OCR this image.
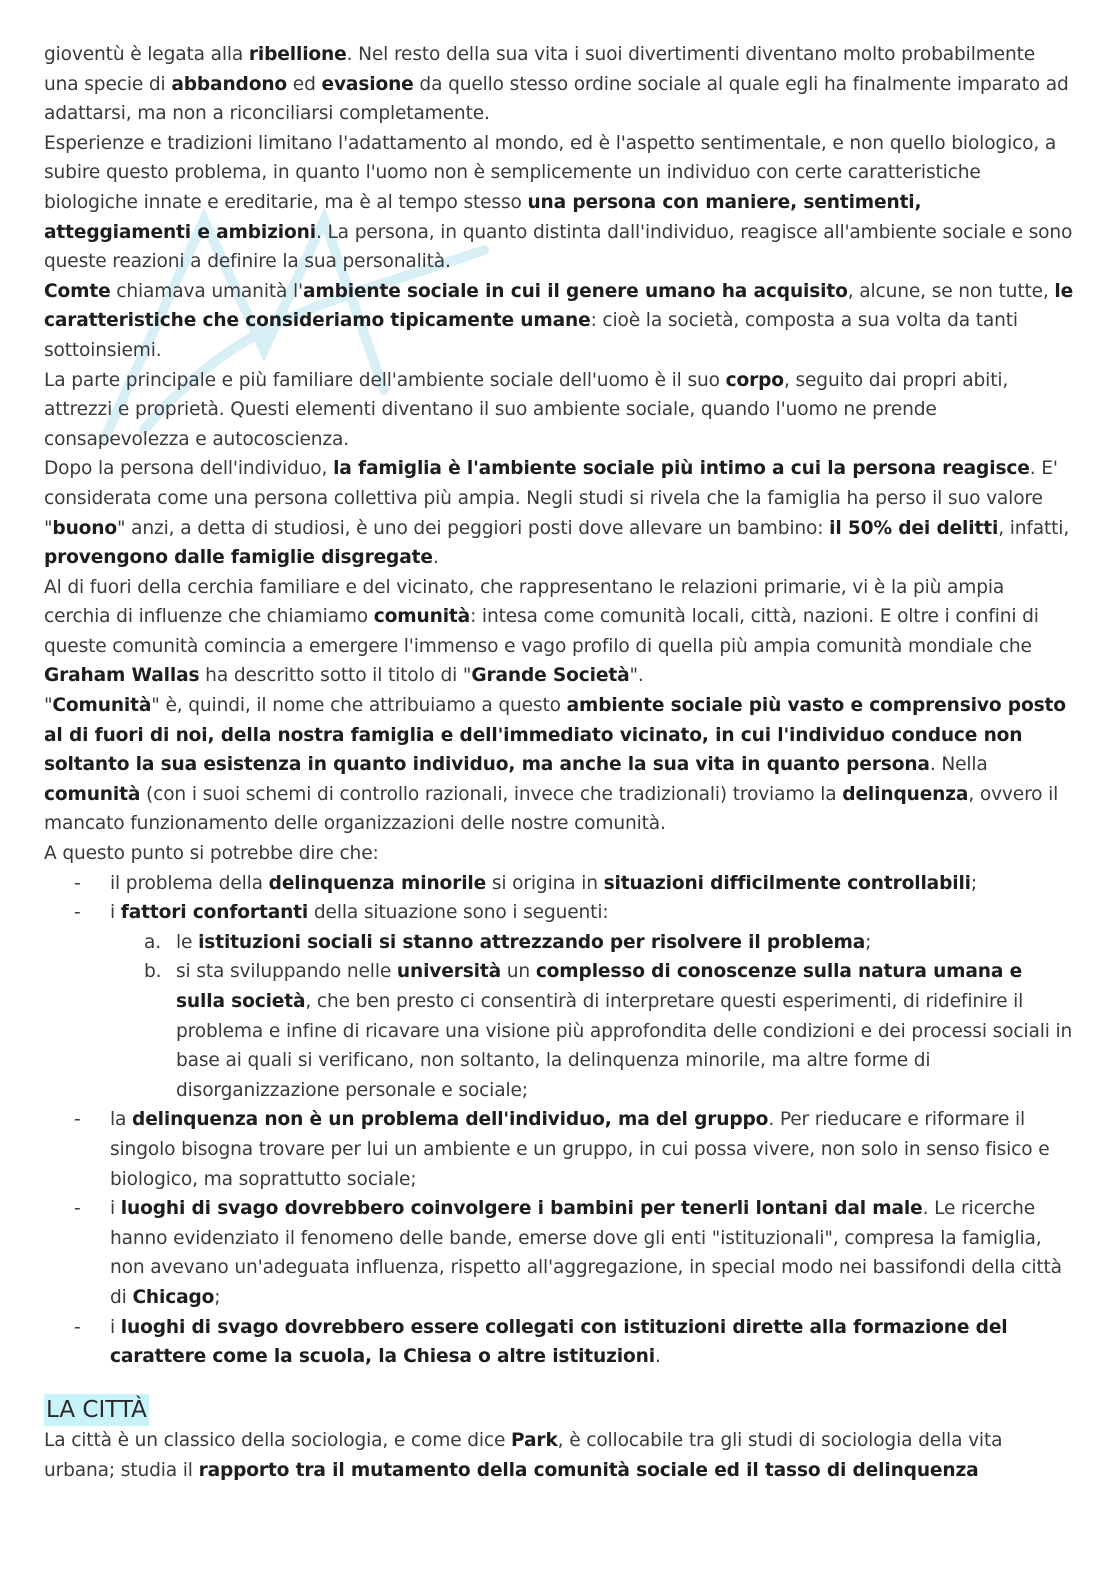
gioventù è legata alla ribellione. Nel resto della sua vita i suoi divertimenti diventano molto probabilmente una specie di abbandono ed evasione da quello stesso ordine sociale al quale egli ha finalmente imparato ad adattarsi, ma non a riconciliarsi completamente.

Esperienze e tradizioni limitano l'adattamento al mondo, ed è l'aspetto sentimentale, e non quello biologico, a subire questo problema, in quanto l'uomo non è semplicemente un individuo con certe caratteristiche biologiche innate e ereditarie, ma è al tempo stesso una persona con maniere, sentimenti, atteggiamenti e ambizioni. La persona, in quanto distinta dall'individuo, reagisce all'ambiente sociale e sono queste reazioni a definire la sua personalità.

Comte chiamava umanità l'ambiente sociale in cui il genere umano ha acquisito, alcune, se non tutte, le caratteristiche che consideriamo tipicamente umane: cioè la società, composta a sua volta da tanti sottoinsiemi.

La parte principale e più familiare dell'ambiente sociale dell'uomo è il suo corpo, seguito dai propri abiti, attrezzi e proprietà. Questi elementi diventano il suo ambiente sociale, quando l'uomo ne prende consapevolezza e autocoscienza.

Dopo la persona dell'individuo, la famiglia è l'ambiente sociale più intimo a cui la persona reagisce. E' considerata come una persona collettiva più ampia. Negli studi si rivela che la famiglia ha perso il suo valore "buono" anzi, a detta di studiosi, è uno dei peggiori posti dove allevare un bambino: il 50% dei delitti, infatti, provengono dalle famiglie disgregate.

Al di fuori della cerchia familiare e del vicinato, che rappresentano le relazioni primarie, vi è la più ampia cerchia di influenze che chiamiamo comunità: intesa come comunità locali, città, nazioni. E oltre i confini di queste comunità comincia a emergere l'immenso e vago profilo di quella più ampia comunità mondiale che Graham Wallas ha descritto sotto il titolo di "Grande Società".

"Comunità" è, quindi, il nome che attribuiamo a questo ambiente sociale più vasto e comprensivo posto al di fuori di noi, della nostra famiglia e dell'immediato vicinato, in cui l'individuo conduce non soltanto la sua esistenza in quanto individuo, ma anche la sua vita in quanto persona. Nella comunità (con i suoi schemi di controllo razionali, invece che tradizionali) troviamo la delinquenza, ovvero il mancato funzionamento delle organizzazioni delle nostre comunità.

A questo punto si potrebbe dire che:

- il problema della delinquenza minorile si origina in situazioni difficilmente controllabili;
- i fattori confortanti della situazione sono i seguenti:
a. le istituzioni sociali si stanno attrezzando per risolvere il problema;
b. si sta sviluppando nelle università un complesso di conoscenze sulla natura umana e sulla società, che ben presto ci consentirà di interpretare questi esperimenti, di ridefinire il problema e infine di ricavare una visione più approfondita delle condizioni e dei processi sociali in base ai quali si verificano, non soltanto, la delinquenza minorile, ma altre forme di disorganizzazione personale e sociale;
- la delinquenza non è un problema dell'individuo, ma del gruppo. Per rieducare e riformare il singolo bisogna trovare per lui un ambiente e un gruppo, in cui possa vivere, non solo in senso fisico e biologico, ma soprattutto sociale;
- i luoghi di svago dovrebbero coinvolgere i bambini per tenerli lontani dal male. Le ricerche hanno evidenziato il fenomeno delle bande, emerse dove gli enti "istituzionali", compresa la famiglia, non avevano un'adeguata influenza, rispetto all'aggregazione, in special modo nei bassifondi della città di Chicago;
- i luoghi di svago dovrebbero essere collegati con istituzioni dirette alla formazione del carattere come la scuola, la Chiesa o altre istituzioni.
LA CITTÀ

La città è un classico della sociologia, e come dice Park, è collocabile tra gli studi di sociologia della vita urbana; studia il rapporto tra il mutamento della comunità sociale ed il tasso di delinquenza
